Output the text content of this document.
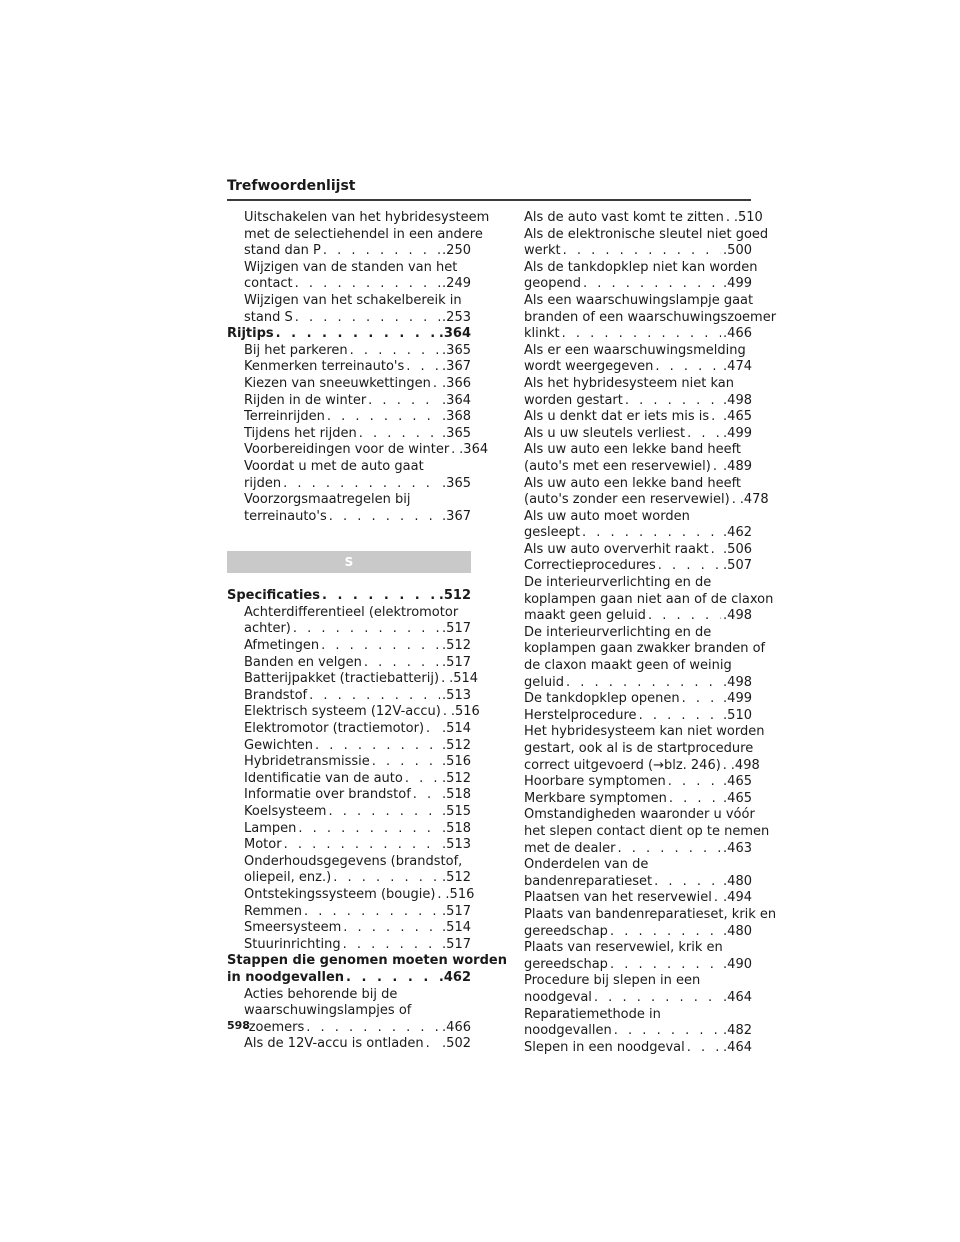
Trefwoordenlijst
Uitschakelen van het hybridesysteem
met de selectiehendel in een andere
stand dan P . . .	.250
Wijzigen van de standen van het
contact . . .	.249
Wijzigen van het schakelbereik in
stand S . . .	.253
Rijtips . . .	.364
Bij het parkeren . . .	.365
Kenmerken terreinauto's . . .	.367
Kiezen van sneeuwkettingen . . . .366
Rijden in de winter . . .	.364
Terreinrijden . . .	.368
Tijdens het rijden . . .	.365
Voorbereidingen voor de winter . . . .364
Voordat u met de auto gaat
rijden . . .	.365
Voorzorgsmaatregelen bij
terreinauto's . . .	.367
S
Specificaties . . .	.512
Achterdifferentieel (elektromotor
achter) . . .	.517
Afmetingen . . .	.512
Banden en velgen . . .	.517
Batterijpakket (tractiebatterij) . . . .514
Brandstof . . .	.513
Elektrisch systeem (12V-accu) . . . .516
Elektromotor (tractiemotor) . . . .514
Gewichten . . .	.512
Hybridetransmissie . . .	.516
Identificatie van de auto . . .	.512
Informatie over brandstof . . . .518
Koelsysteem . . .	.515
Lampen . . .	.518
Motor . . .	.513
Onderhoudsgegevens (brandstof,
oliepeil, enz.) . . .	.512
Ontstekingssysteem (bougie) . . . .516
Remmen . . .	.517
Smeersysteem . . .	.514
Stuurinrichting . . .	.517
Stappen die genomen moeten worden
in noodgevallen . . .	.462
Acties behorende bij de
waarschuwingslampjes of
-zoemers . . .	.466
Als de 12V-accu is ontladen . . . .502
Als de auto vast komt te zitten . . . .510
Als de elektronische sleutel niet goed
werkt . . .	.500
Als de tankdopklep niet kan worden
geopend . . .	.499
Als een waarschuwingslampje gaat
branden of een waarschuwingszoemer
klinkt . . .	.466
Als er een waarschuwingsmelding
wordt weergegeven . . .	.474
Als het hybridesysteem niet kan
worden gestart . . .	.498
Als u denkt dat er iets mis is . . . .465
Als u uw sleutels verliest . . .	.499
Als uw auto een lekke band heeft
(auto's met een reservewiel) . . . .489
Als uw auto een lekke band heeft
(auto's zonder een reservewiel) . . . .478
Als uw auto moet worden
gesleept . . .	.462
Als uw auto oververhit raakt . . . .506
Correctieprocedures . . .	.507
De interieurverlichting en de
koplampen gaan niet aan of de claxon
maakt geen geluid . . .	.498
De interieurverlichting en de
koplampen gaan zwakker branden of
de claxon maakt geen of weinig
geluid . . .	.498
De tankdopklep openen . . .	.499
Herstelprocedure . . .	.510
Het hybridesysteem kan niet worden
gestart, ook al is de startprocedure
correct uitgevoerd (→blz. 246) . . . .498
Hoorbare symptomen . . .	.465
Merkbare symptomen . . .	.465
Omstandigheden waaronder u vóór
het slepen contact dient op te nemen
met de dealer . . .	.463
Onderdelen van de
bandenreparatieset . . .	.480
Plaatsen van het reservewiel . . . .494
Plaats van bandenreparatieset, krik en
gereedschap . . .	.480
Plaats van reservewiel, krik en
gereedschap . . .	.490
Procedure bij slepen in een
noodgeval . . .	.464
Reparatiemethode in
noodgevallen . . .	.482
Slepen in een noodgeval . . .	.464
598
